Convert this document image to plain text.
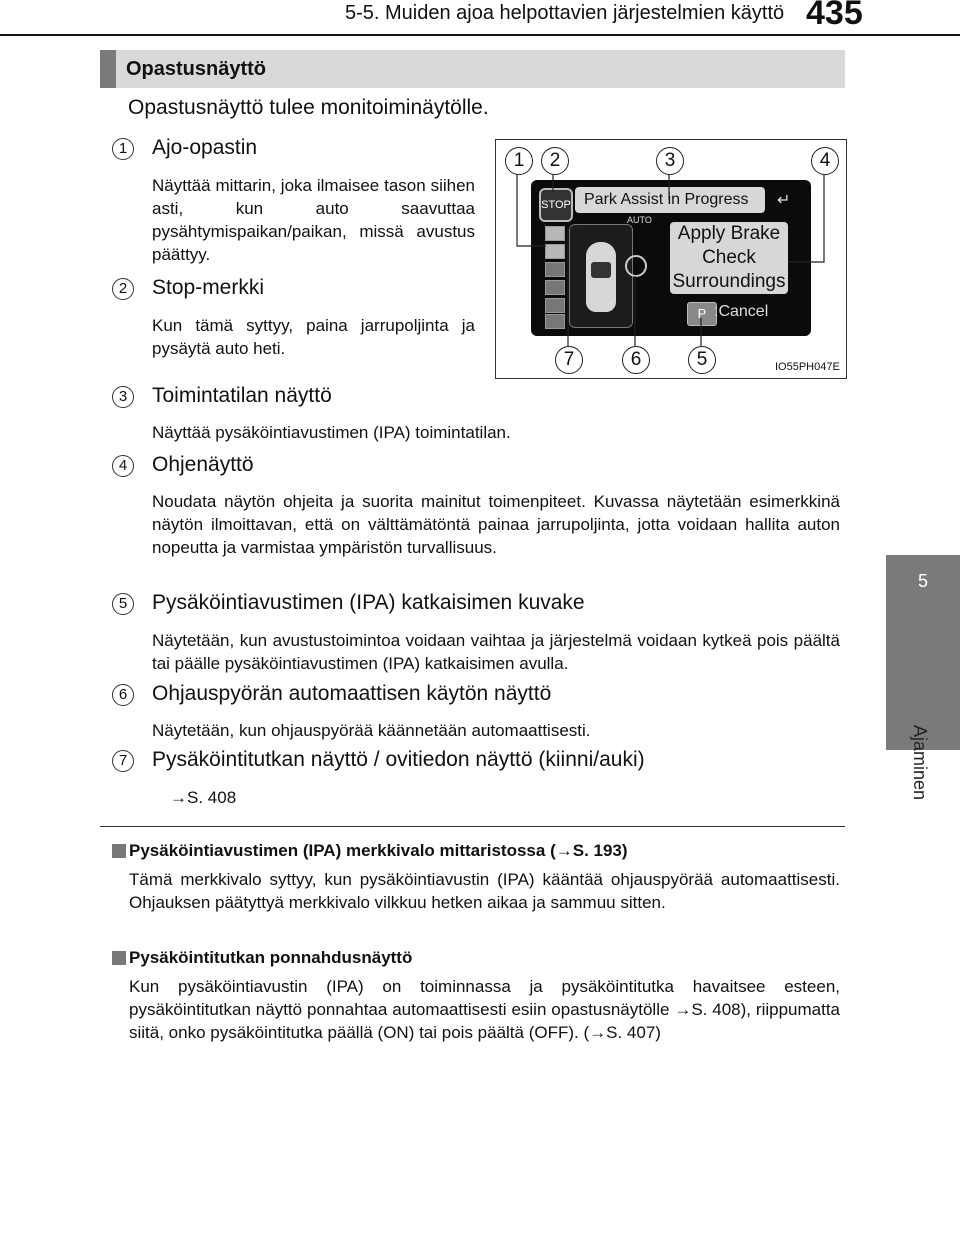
5-5. Muiden ajoa helpottavien järjestelmien käyttö 435
5
Ajaminen
Opastusnäyttö
Opastusnäyttö tulee monitoiminäytölle.
1	Ajo-opastin
Näyttää mittarin, joka ilmaisee tason siihen asti, kun auto saavuttaa pysähtymispaikan/paikan, missä avustus päättyy.
2	Stop-merkki
Kun tämä syttyy, paina jarrupoljinta ja pysäytä auto heti.
STOP Park Assist in Progress	↵
AUTO
Apply Brake
Check
Surroundings
P :Cancel
1	2	3	4
7	6	5	IO55PH047E
3	Toimintatilan näyttö
Näyttää pysäköintiavustimen (IPA) toimintatilan.
4	Ohjenäyttö
Noudata näytön ohjeita ja suorita mainitut toimenpiteet. Kuvassa näytetään esimerkkinä näytön ilmoittavan, että on välttämätöntä painaa jarrupoljinta, jotta voidaan hallita auton nopeutta ja varmistaa ympäristön turvallisuus.
5	Pysäköintiavustimen (IPA) katkaisimen kuvake
Näytetään, kun avustustoimintoa voidaan vaihtaa ja järjestelmä voidaan kytkeä pois päältä tai päälle pysäköintiavustimen (IPA) katkaisimen avulla.
6	Ohjauspyörän automaattisen käytön näyttö
Näytetään, kun ohjauspyörää käännetään automaattisesti.
7	Pysäköintitutkan näyttö / ovitiedon näyttö (kiinni/auki)
→S. 408
Pysäköintiavustimen (IPA) merkkivalo mittaristossa (→S. 193)
Tämä merkkivalo syttyy, kun pysäköintiavustin (IPA) kääntää ohjauspyörää automaattisesti. Ohjauksen päätyttyä merkkivalo vilkkuu hetken aikaa ja sammuu sitten.
Pysäköintitutkan ponnahdusnäyttö
Kun pysäköintiavustin (IPA) on toiminnassa ja pysäköintitutka havaitsee esteen, pysäköintitutkan näyttö ponnahtaa automaattisesti esiin opastusnäytölle →S. 408), riippumatta siitä, onko pysäköintitutka päällä (ON) tai pois päältä (OFF). (→S. 407)
